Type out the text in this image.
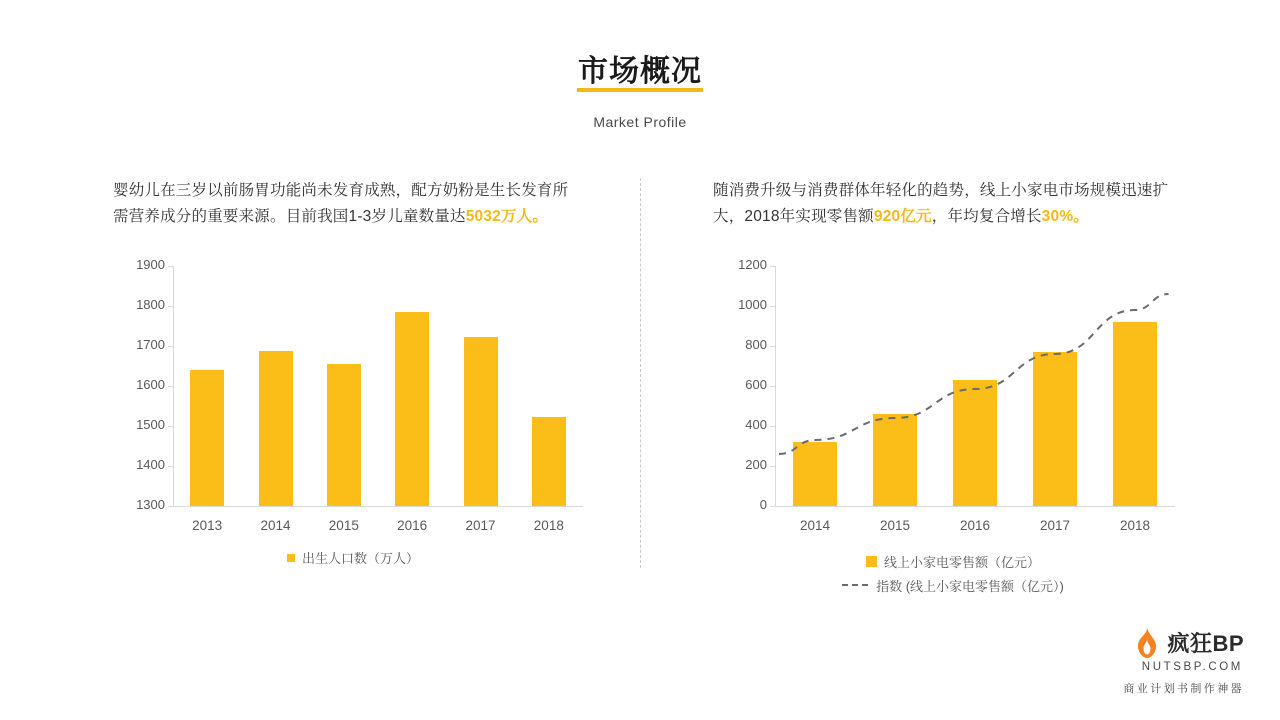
市场概况
Market Profile
婴幼儿在三岁以前肠胃功能尚未发育成熟，配方奶粉是生长发育所需营养成分的重要来源。目前我国1-3岁儿童数量达5032万人。
1300
1400
1500
1600
1700
1800
1900
2013	2014	2015	2016	2017	2018
出生人口数（万人）
随消费升级与消费群体年轻化的趋势，线上小家电市场规模迅速扩大，2018年实现零售额920亿元，年均复合增长30%。
0
200
400
600
800
1000
1200
2014	2015	2016	2017	2018
线上小家电零售额（亿元）
指数 (线上小家电零售额（亿元）)
疯狂BP
NUTSBP.COM
商业计划书制作神器
